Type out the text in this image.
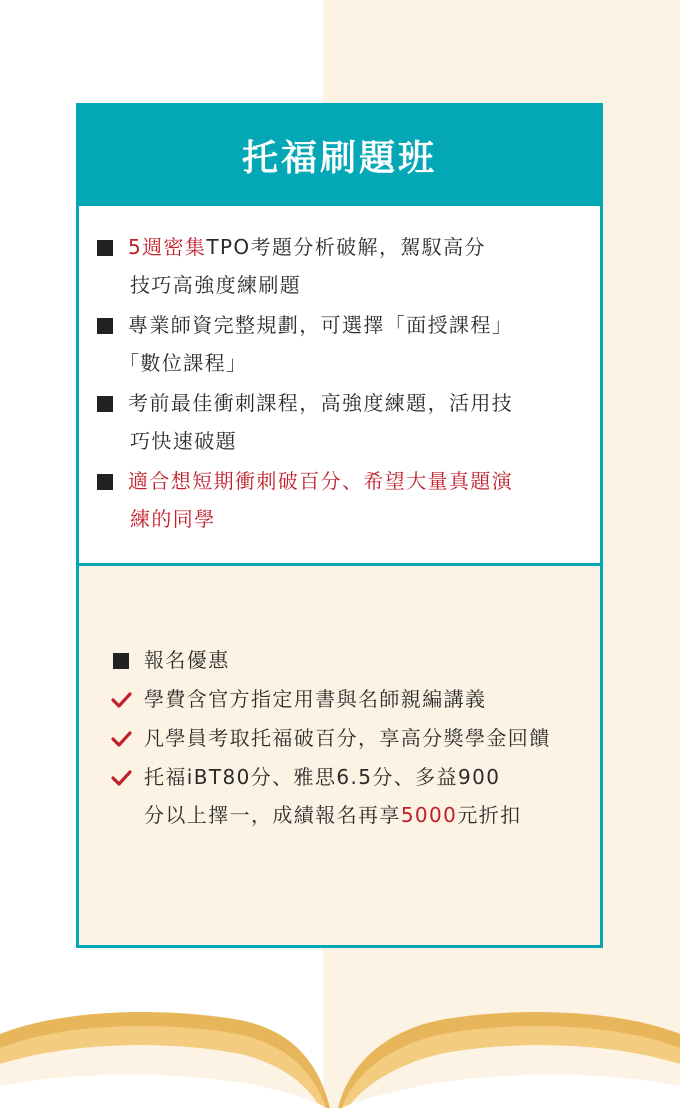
托福刷題班
5週密集TPO考題分析破解，駕馭高分
技巧高強度練刷題
專業師資完整規劃，可選擇「面授課程」
「數位課程」
考前最佳衝刺課程，高強度練題，活用技
巧快速破題
適合想短期衝刺破百分、希望大量真題演
練的同學
報名優惠
學費含官方指定用書與名師親編講義
凡學員考取托福破百分，享高分獎學金回饋
托福iBT80分、雅思6.5分、多益900
分以上擇一，成績報名再享5000元折扣
